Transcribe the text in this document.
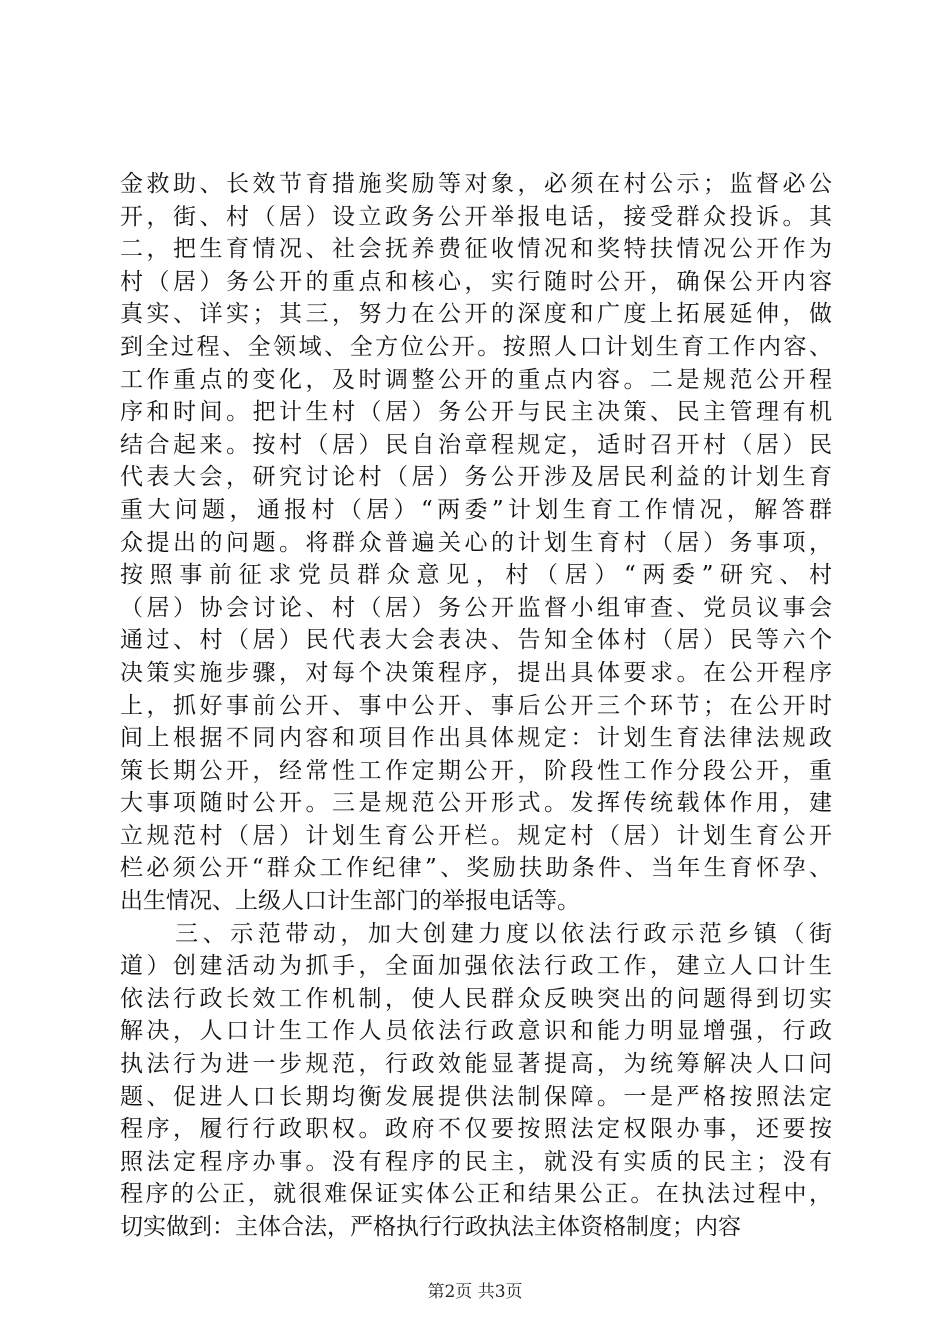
金救助、长效节育措施奖励等对象，必须在村公示；监督必公
开，街、村（居）设立政务公开举报电话，接受群众投诉。其
二，把生育情况、社会抚养费征收情况和奖特扶情况公开作为
村（居）务公开的重点和核心，实行随时公开，确保公开内容
真实、详实；其三，努力在公开的深度和广度上拓展延伸，做
到全过程、全领域、全方位公开。按照人口计划生育工作内容、
工作重点的变化，及时调整公开的重点内容。二是规范公开程
序和时间。把计生村（居）务公开与民主决策、民主管理有机
结合起来。按村（居）民自治章程规定，适时召开村（居）民
代表大会，研究讨论村（居）务公开涉及居民利益的计划生育
重大问题，通报村（居）“两委”计划生育工作情况，解答群
众提出的问题。将群众普遍关心的计划生育村（居）务事项，
按照事前征求党员群众意见，村（居）“两委”研究、村
（居）协会讨论、村（居）务公开监督小组审查、党员议事会
通过、村（居）民代表大会表决、告知全体村（居）民等六个
决策实施步骤，对每个决策程序，提出具体要求。在公开程序
上，抓好事前公开、事中公开、事后公开三个环节；在公开时
间上根据不同内容和项目作出具体规定：计划生育法律法规政
策长期公开，经常性工作定期公开，阶段性工作分段公开，重
大事项随时公开。三是规范公开形式。发挥传统载体作用，建
立规范村（居）计划生育公开栏。规定村（居）计划生育公开
栏必须公开“群众工作纪律”、奖励扶助条件、当年生育怀孕、
出生情况、上级人口计生部门的举报电话等。
　　三、示范带动，加大创建力度以依法行政示范乡镇（街
道）创建活动为抓手，全面加强依法行政工作，建立人口计生
依法行政长效工作机制，使人民群众反映突出的问题得到切实
解决，人口计生工作人员依法行政意识和能力明显增强，行政
执法行为进一步规范，行政效能显著提高，为统筹解决人口问
题、促进人口长期均衡发展提供法制保障。一是严格按照法定
程序，履行行政职权。政府不仅要按照法定权限办事，还要按
照法定程序办事。没有程序的民主，就没有实质的民主；没有
程序的公正，就很难保证实体公正和结果公正。在执法过程中，
切实做到：主体合法，严格执行行政执法主体资格制度；内容
第2页 共3页
